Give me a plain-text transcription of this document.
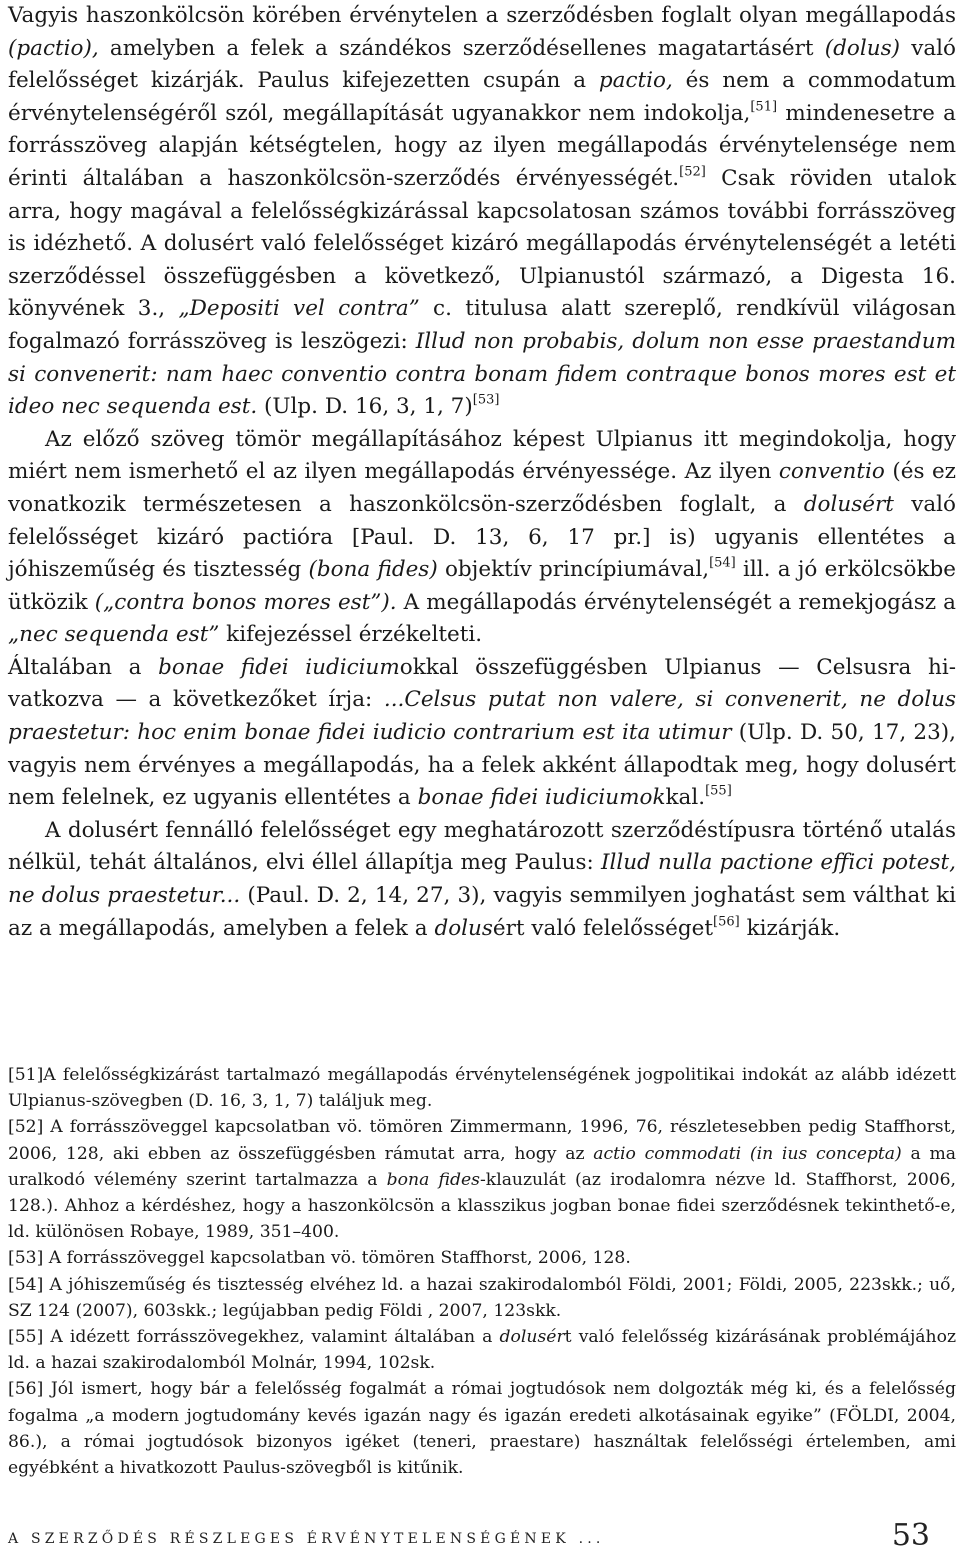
Vagyis haszonkölcsön körében érvénytelen a szerződésben foglalt olyan megállapodás (pactio), amelyben a felek a szándékos szerződésellenes magatartásért (dolus) való felelősséget kizárják. Paulus kifejezetten csupán a pactio, és nem a commodatum érvénytelenségéről szól, megállapítását ugyanakkor nem indokolja,[51] mindenesetre a forrásszöveg alapján kétségtelen, hogy az ilyen megállapodás érvénytelensége nem érinti általában a haszonkölcsön-szerződés érvényességét.[52] Csak röviden utalok arra, hogy magával a felelősségkizárással kapcsolatosan számos további forrásszöveg is idézhető. A dolusért való felelősséget kizáró megállapodás érvénytelenségét a letéti szerződéssel összefüggésben a következő, Ulpianustól származó, a Digesta 16. könyvének 3., „Depositi vel contra” c. titulusa alatt szereplő, rendkívül világosan fogalmazó forrásszöveg is leszögezi: Illud non probabis, dolum non esse praestandum si convenerit: nam haec conventio contra bonam fidem contraque bonos mores est et ideo nec sequenda est. (Ulp. D. 16, 3, 1, 7)[53]

Az előző szöveg tömör megállapításához képest Ulpianus itt megindokolja, hogy miért nem ismerhető el az ilyen megállapodás érvényessége. Az ilyen conventio (és ez vonatkozik természetesen a haszonkölcsön-szerződésben foglalt, a dolusért való felelősséget kizáró pactióra [Paul. D. 13, 6, 17 pr.] is) ugyanis ellentétes a jóhiszeműség és tisztesség (bona fides) objektív princípiumával,[54] ill. a jó erkölcsökbe ütközik („contra bonos mores est”). A megállapodás érvénytelenségét a remekjogász a „nec sequenda est” kifejezéssel érzékelteti.

Általában a bonae fidei iudiciumokkal összefüggésben Ulpianus — Celsusra hivatkozva — a következőket írja: ...Celsus putat non valere, si convenerit, ne dolus praestetur: hoc enim bonae fidei iudicio contrarium est ita utimur (Ulp. D. 50, 17, 23), vagyis nem érvényes a megállapodás, ha a felek akként állapodtak meg, hogy dolusért nem felelnek, ez ugyanis ellentétes a bonae fidei iudiciumokkal.[55]

A dolusért fennálló felelősséget egy meghatározott szerződéstípusra történő utalás nélkül, tehát általános, elvi éllel állapítja meg Paulus: Illud nulla pactione effici potest, ne dolus praestetur... (Paul. D. 2, 14, 27, 3), vagyis semmilyen joghatást sem válthat ki az a megállapodás, amelyben a felek a dolusért való felelősséget[56] kizárják.

[51]A felelősségkizárást tartalmazó megállapodás érvénytelenségének jogpolitikai indokát az alább idézett Ulpianus-szövegben (D. 16, 3, 1, 7) találjuk meg.

[52] A forrásszöveggel kapcsolatban vö. tömören Zimmermann, 1996, 76, részletesebben pedig Staffhorst, 2006, 128, aki ebben az összefüggésben rámutat arra, hogy az actio commodati (in ius concepta) a ma uralkodó vélemény szerint tartalmazza a bona fides-klauzulát (az irodalomra nézve ld. Staffhorst, 2006, 128.). Ahhoz a kérdéshez, hogy a haszonkölcsön a klasszikus jogban bonae fidei szerződésnek tekinthető-e, ld. különösen Robaye, 1989, 351–400.

[53] A forrásszöveggel kapcsolatban vö. tömören Staffhorst, 2006, 128.

[54] A jóhiszeműség és tisztesség elvéhez ld. a hazai szakirodalomból Földi, 2001; Földi, 2005, 223skk.; uő, SZ 124 (2007), 603skk.; legújabban pedig Földi , 2007, 123skk.

[55] A idézett forrásszövegekhez, valamint általában a dolusért való felelősség kizárásának problémájához ld. a hazai szakirodalomból Molnár, 1994, 102sk.

[56] Jól ismert, hogy bár a felelősség fogalmát a római jogtudósok nem dolgozták még ki, és a felelősség fogalma „a modern jogtudomány kevés igazán nagy és igazán eredeti alkotásainak egyike” (FÖLDI, 2004, 86.), a római jogtudósok bizonyos igéket (teneri, praestare) használtak felelősségi értelemben, ami egyébként a hivatkozott Paulus-szövegből is kitűnik.

A SZERZŐDÉS RÉSZLEGES ÉRVÉNYTELENSÉGÉNEK ...	53
